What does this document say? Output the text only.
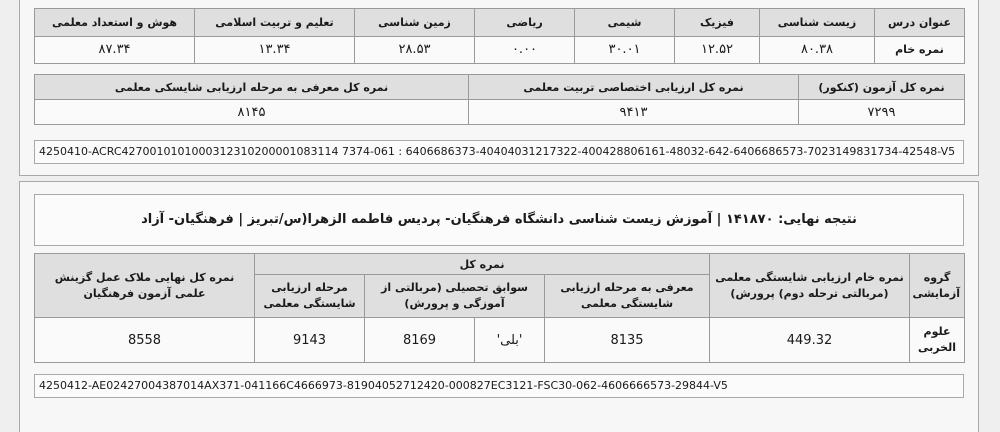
عنوان درس	زیست شناسی	فیزیک	شیمی	ریاضی	زمین شناسی	تعلیم و تربیت اسلامی	هوش و استعداد معلمی
نمره خام	۸۰.۳۸	۱۲.۵۲	۳۰.۰۱	۰.۰۰	۲۸.۵۳	۱۳.۳۴	۸۷.۳۴
نمره کل آزمون (کنکور)	نمره کل ارزیابی اختصاصی تربیت معلمی	نمره کل معرفی به مرحله ارزیابی شایسکی معلمی
۷۲۹۹	۹۴۱۳	۸۱۴۵
4250410-ACRC4270010101000312310200001083114 7374-061 : 6406686373-40404031217322-400428806161-48032-642-6406686573-7023149831734-42548-V5
نتیجه نهایی: ۱۴۱۸۷۰ | آموزش زیست شناسی دانشگاه فرهنگیان- پردیس فاطمه الزهرا(س/تبریز | فرهنگیان- آزاد
گروه آزمایشی	نمره خام ارزیابی شایستگی معلمی (مربالتی ترحله دوم) پرورش)	نمره کل				نمره کل نهایی ملاک عمل گزینش علمی آزمون فرهنگیان
		معرفی به مرحله ارزیابی شایستگی معلمی	سوابق تحصیلی (مربالتی از آموزگی و پرورش)		مرحله ارزیابی شایستگی معلمی	
علوم الخربی	449.32	8135	'بلی'	8169	9143	8558
4250412-AE02427004387014AX371-041166C4666973-81904052712420-000827EC3121-FSC30-062-4606666573-29844-V5
